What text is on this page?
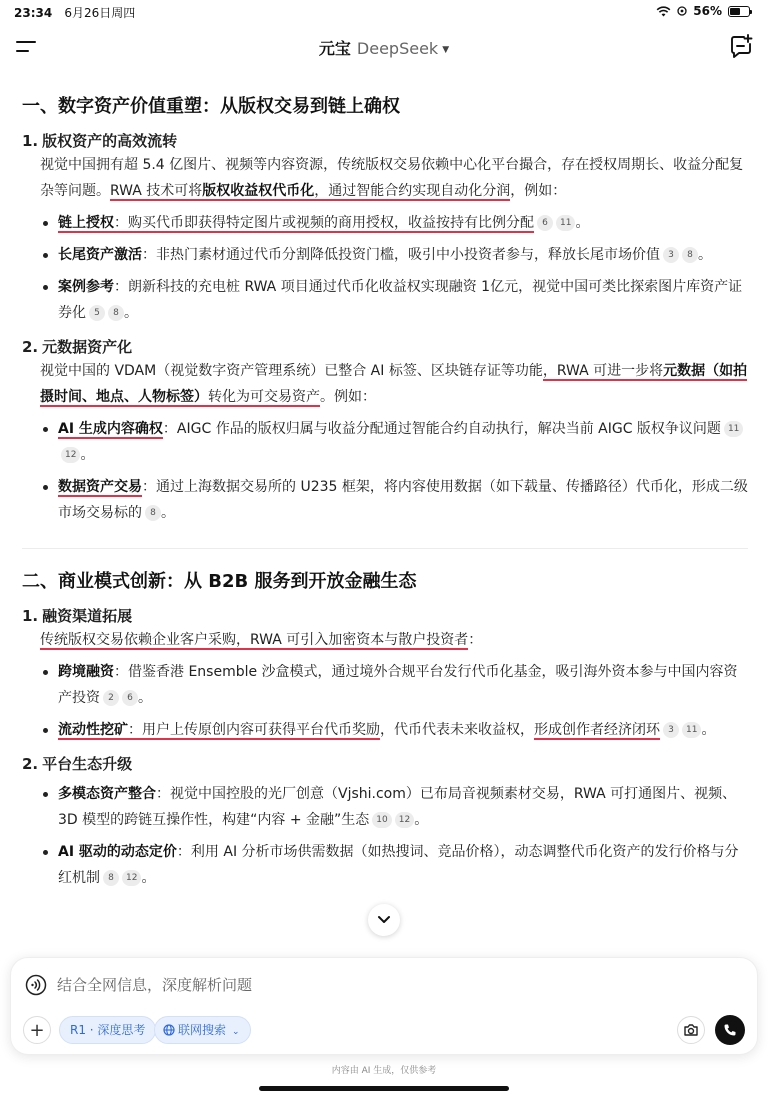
23:34 6月26日周四	56%
元宝 DeepSeek ▼
一、数字资产价值重塑：从版权交易到链上确权
1. 版权资产的高效流转

视觉中国拥有超 5.4 亿图片、视频等内容资源，传统版权交易依赖中心化平台撮合，存在授权周期长、收益分配复杂等问题。RWA 技术可将版权收益权代币化，通过智能合约实现自动化分润，例如：

链上授权：购买代币即获得特定图片或视频的商用授权，收益按持有比例分配 6 11 。
长尾资产激活：非热门素材通过代币分割降低投资门槛，吸引中小投资者参与，释放长尾市场价值 3 8 。
案例参考：朗新科技的充电桩 RWA 项目通过代币化收益权实现融资 1亿元，视觉中国可类比探索图片库资产证券化 5 8 。
2. 元数据资产化

视觉中国的 VDAM（视觉数字资产管理系统）已整合 AI 标签、区块链存证等功能，RWA 可进一步将元数据（如拍摄时间、地点、人物标签）转化为可交易资产。例如：

AI 生成内容确权：AIGC 作品的版权归属与收益分配通过智能合约自动执行，解决当前 AIGC 版权争议问题 1112 。
数据资产交易：通过上海数据交易所的 U235 框架，将内容使用数据（如下载量、传播路径）代币化，形成二级市场交易标的 8 。
二、商业模式创新：从 B2B 服务到开放金融生态
1. 融资渠道拓展

传统版权交易依赖企业客户采购，RWA 可引入加密资本与散户投资者：

跨境融资：借鉴香港 Ensemble 沙盒模式，通过境外合规平台发行代币化基金，吸引海外资本参与中国内容资产投资 2 6 。
流动性挖矿：用户上传原创内容可获得平台代币奖励，代币代表未来收益权，形成创作者经济闭环 3 11 。
2. 平台生态升级
多模态资产整合：视觉中国控股的光厂创意（Vjshi.com）已布局音视频素材交易，RWA 可打通图片、视频、3D 模型的跨链互操作性，构建“内容 + 金融”生态 10 12 。
AI 驱动的动态定价：利用 AI 分析市场供需数据（如热搜词、竞品价格），动态调整代币化资产的发行价格与分红机制 8 12 。
结合全网信息，深度解析问题
+	R1 · 深度思考	联网搜索 ⌄
内容由 AI 生成，仅供参考
